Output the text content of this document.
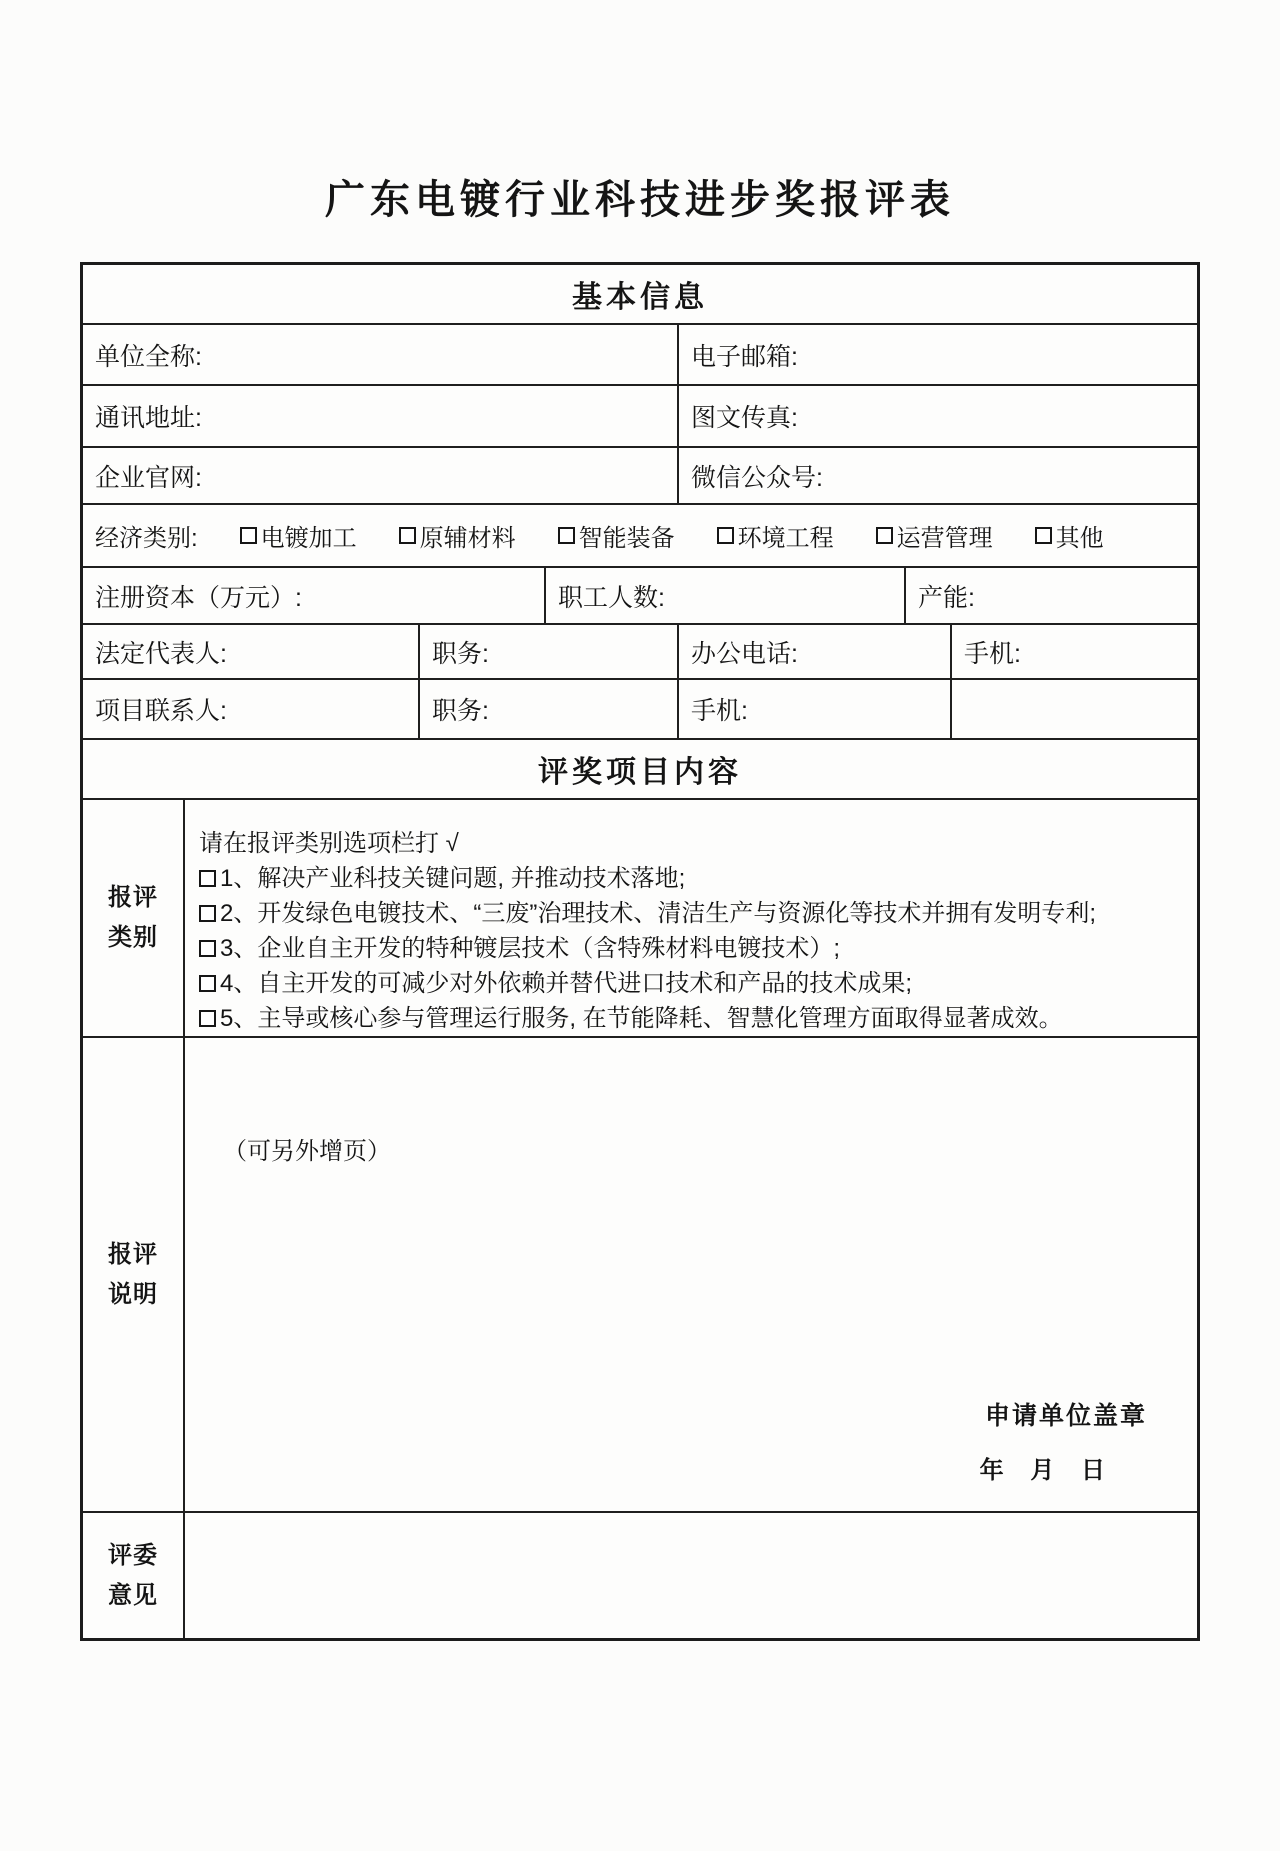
广东电镀行业科技进步奖报评表
基本信息
单位全称:	电子邮箱:
通讯地址:	图文传真:
企业官网:	微信公众号:
经济类别:	电镀加工	原辅材料	智能装备	环境工程	运营管理	其他
注册资本（万元）:	职工人数:	产能:
法定代表人:	职务:	办公电话:	手机:
项目联系人:	职务:	手机:
评奖项目内容
报评
类别
请在报评类别选项栏打 √
1、解决产业科技关键问题, 并推动技术落地;
2、开发绿色电镀技术、“三废”治理技术、清洁生产与资源化等技术并拥有发明专利;
3、企业自主开发的特种镀层技术（含特殊材料电镀技术）;
4、自主开发的可减少对外依赖并替代进口技术和产品的技术成果;
5、主导或核心参与管理运行服务, 在节能降耗、智慧化管理方面取得显著成效。
报评
说明
（可另外增页）
申请单位盖章
年    月    日
评委
意见
